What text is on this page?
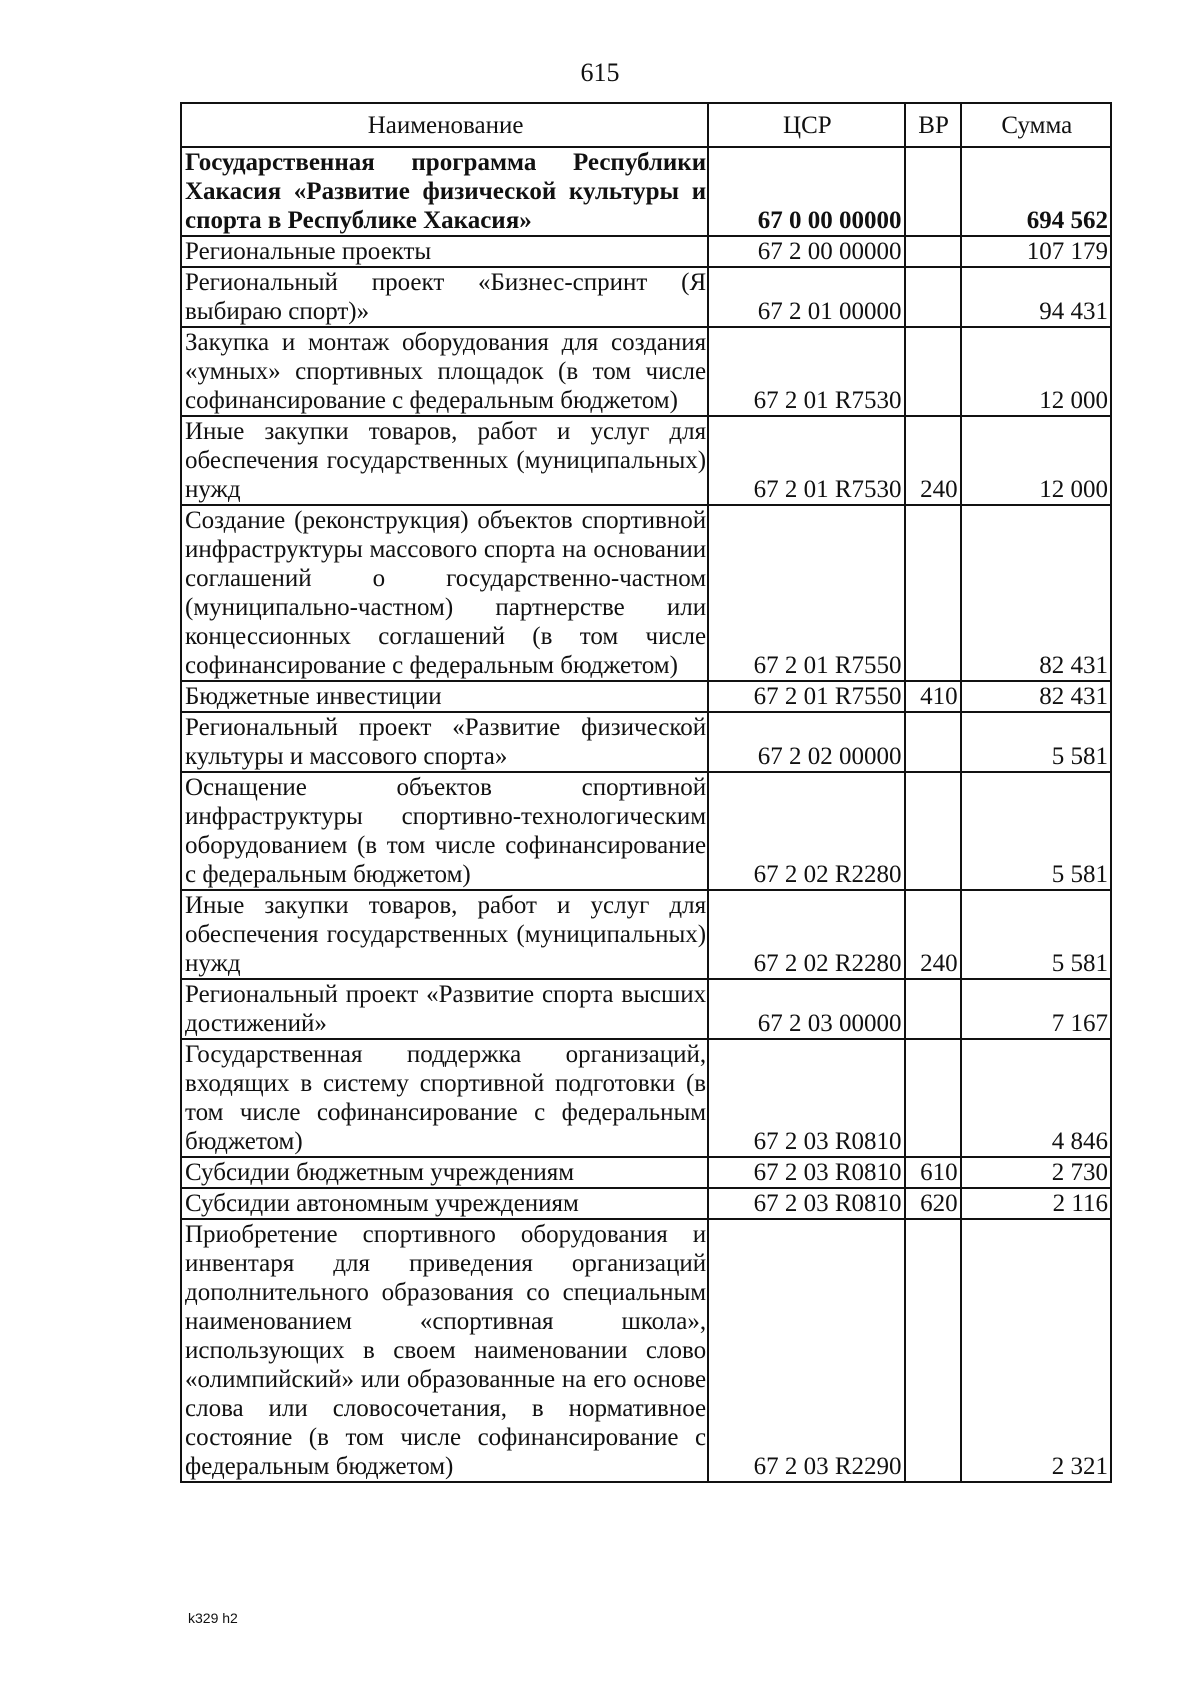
615
Наименование	ЦСР	ВР	Сумма
Государственная программа Республики Хакасия «Развитие физической культуры и спорта в Республике Хакасия»	67 0 00 00000		694 562
Региональные проекты	67 2 00 00000		107 179
Региональный проект «Бизнес-спринт (Я выбираю спорт)»	67 2 01 00000		94 431
Закупка и монтаж оборудования для создания «умных» спортивных площадок (в том числе софинансирование с федеральным бюджетом)	67 2 01 R7530		12 000
Иные закупки товаров, работ и услуг для обеспечения государственных (муниципальных) нужд	67 2 01 R7530	240	12 000
Создание (реконструкция) объектов спортивной инфраструктуры массового спорта на основании соглашений о государственно-частном (муниципально-частном) партнерстве или концессионных соглашений (в том числе софинансирование с федеральным бюджетом)	67 2 01 R7550		82 431
Бюджетные инвестиции	67 2 01 R7550	410	82 431
Региональный проект «Развитие физической культуры и массового спорта»	67 2 02 00000		5 581
Оснащение объектов спортивной инфраструктуры спортивно-технологическим оборудованием (в том числе софинансирование с федеральным бюджетом)	67 2 02 R2280		5 581
Иные закупки товаров, работ и услуг для обеспечения государственных (муниципальных) нужд	67 2 02 R2280	240	5 581
Региональный проект «Развитие спорта высших достижений»	67 2 03 00000		7 167
Государственная поддержка организаций, входящих в систему спортивной подготовки (в том числе софинансирование с федеральным бюджетом)	67 2 03 R0810		4 846
Субсидии бюджетным учреждениям	67 2 03 R0810	610	2 730
Субсидии автономным учреждениям	67 2 03 R0810	620	2 116
Приобретение спортивного оборудования и инвентаря для приведения организаций дополнительного образования со специальным наименованием «спортивная школа», использующих в своем наименовании слово «олимпийский» или образованные на его основе слова или словосочетания, в нормативное состояние (в том числе софинансирование с федеральным бюджетом)	67 2 03 R2290		2 321
k329 h2
